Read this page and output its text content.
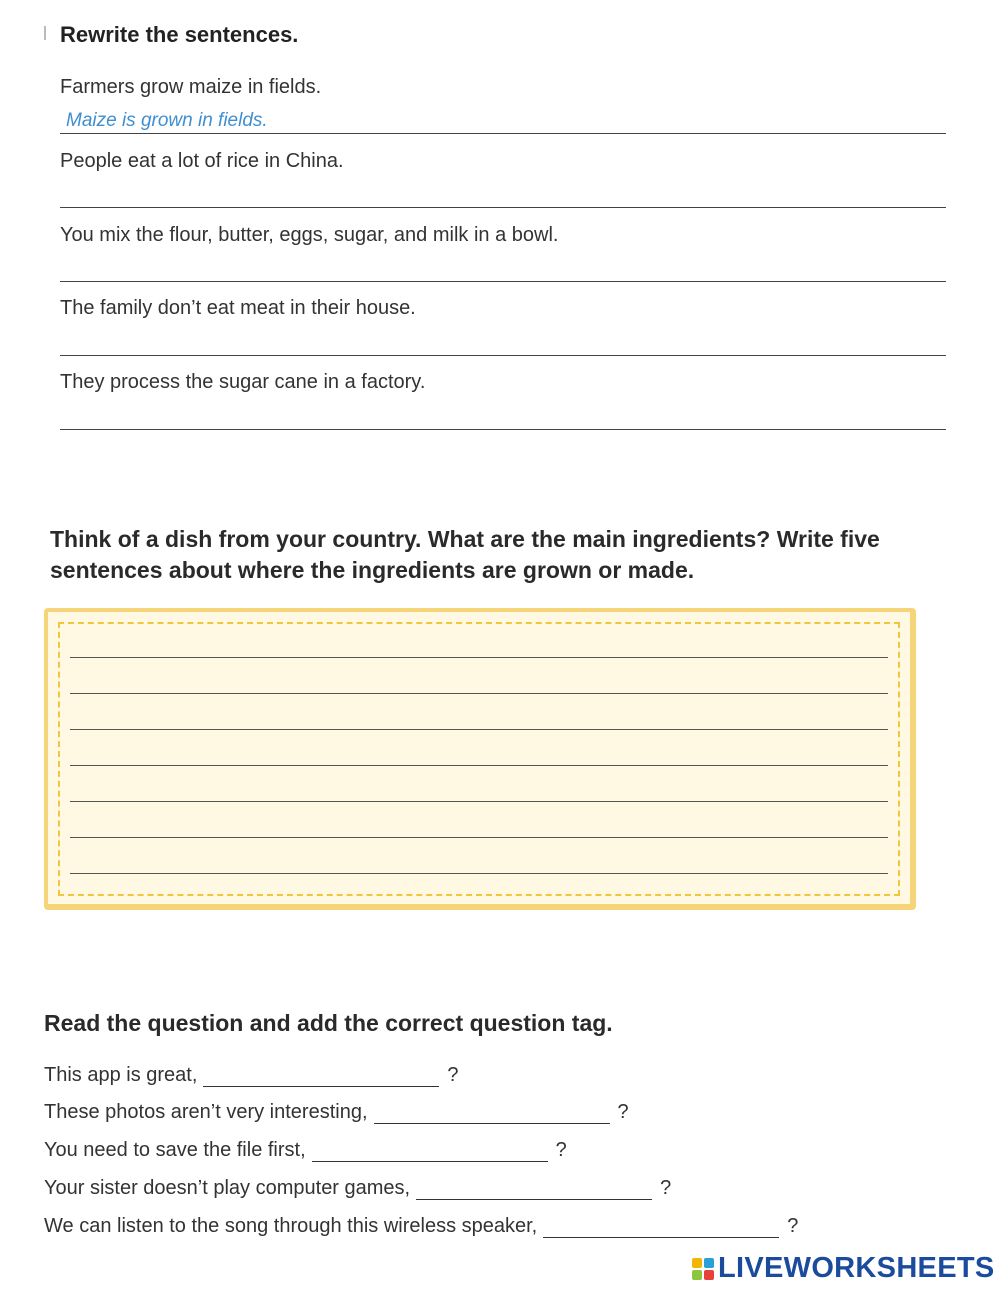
Rewrite the sentences.
Farmers grow maize in fields.
Maize is grown in fields.
People eat a lot of rice in China.
You mix the flour, butter, eggs, sugar, and milk in a bowl.
The family don’t eat meat in their house.
They process the sugar cane in a factory.
Think of a dish from your country. What are the main ingredients? Write five sentences about where the ingredients are grown or made.
Read the question and add the correct question tag.
This app is great,	?
These photos aren’t very interesting,	?
You need to save the file first,	?
Your sister doesn’t play computer games,	?
We can listen to the song through this wireless speaker,	?
LIVEWORKSHEETS
